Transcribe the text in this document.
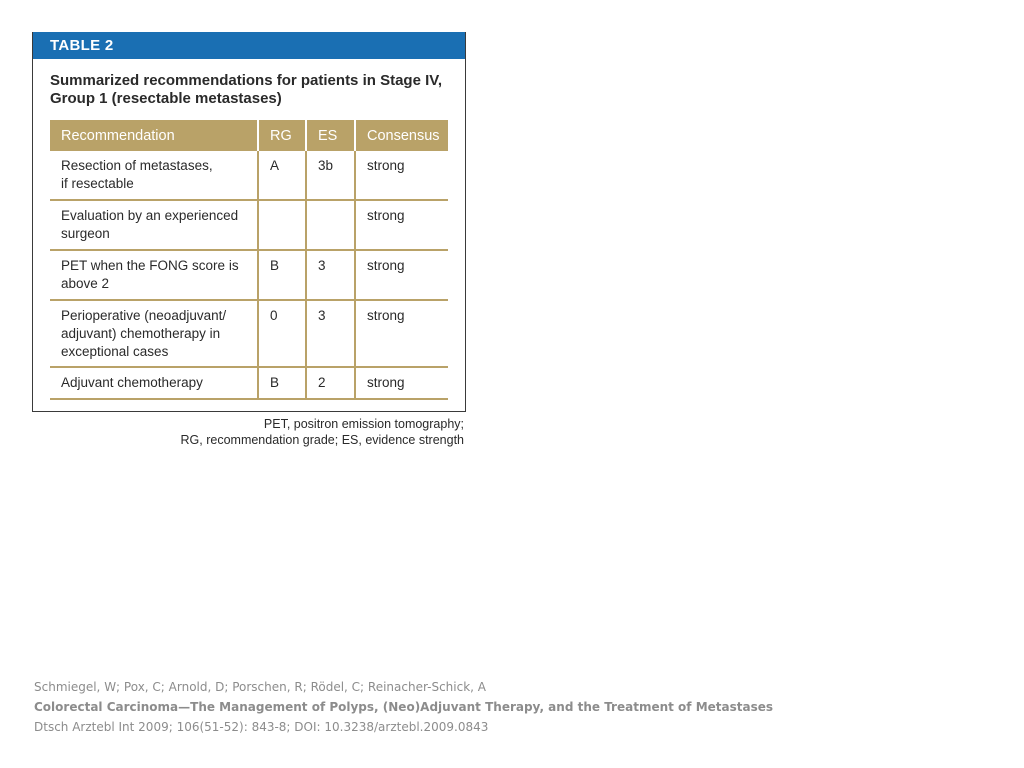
TABLE 2
Summarized recommendations for patients in Stage IV,
Group 1 (resectable metastases)
Recommendation	RG	ES	Consensus

Resection of metastases,
if resectable	A	3b	strong

Evaluation by an experienced
surgeon			strong

PET when the FONG score is
above 2	B	3	strong

Perioperative (neoadjuvant/
adjuvant) chemotherapy in
exceptional cases	0	3	strong

Adjuvant chemotherapy	B	2	strong
PET, positron emission tomography;
RG, recommendation grade; ES, evidence strength
Schmiegel, W; Pox, C; Arnold, D; Porschen, R; Rödel, C; Reinacher-Schick, A
Colorectal Carcinoma—The Management of Polyps, (Neo)Adjuvant Therapy, and the Treatment of Metastases
Dtsch Arztebl Int 2009; 106(51-52): 843-8; DOI: 10.3238/arztebl.2009.0843
